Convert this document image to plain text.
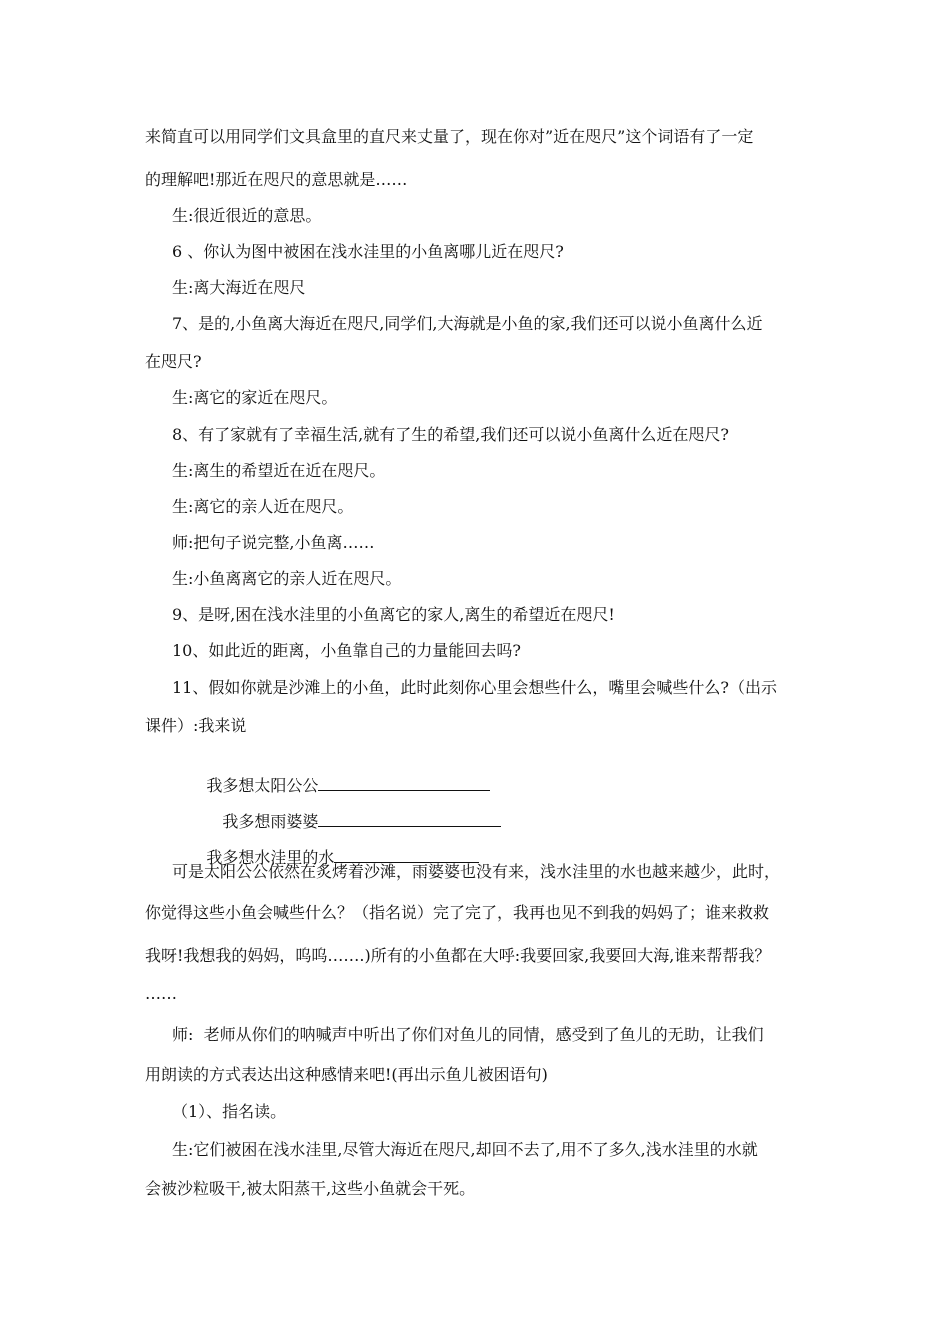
来简直可以用同学们文具盒里的直尺来丈量了，现在你对”近在咫尺”这个词语有了一定
的理解吧!那近在咫尺的意思就是……
生:很近很近的意思。
6 、你认为图中被困在浅水洼里的小鱼离哪儿近在咫尺?
生:离大海近在咫尺
7、是的,小鱼离大海近在咫尺,同学们,大海就是小鱼的家,我们还可以说小鱼离什么近
在咫尺?
生:离它的家近在咫尺。
8、有了家就有了幸福生活,就有了生的希望,我们还可以说小鱼离什么近在咫尺?
生:离生的希望近在近在咫尺。
生:离它的亲人近在咫尺。
师:把句子说完整,小鱼离……
生:小鱼离离它的亲人近在咫尺。
9、是呀,困在浅水洼里的小鱼离它的家人,离生的希望近在咫尺!
10、如此近的距离，小鱼靠自己的力量能回去吗?
11、假如你就是沙滩上的小鱼，此时此刻你心里会想些什么，嘴里会喊些什么?（出示
课件）:我来说

我多想太阳公公

我多想雨婆婆

我多想水洼里的水

可是太阳公公依然在炙烤着沙滩，雨婆婆也没有来，浅水洼里的水也越来越少，此时，
你觉得这些小鱼会喊些什么？（指名说）完了完了，我再也见不到我的妈妈了；谁来救救
我呀!我想我的妈妈，呜呜…….)所有的小鱼都在大呼:我要回家,我要回大海,谁来帮帮我？
……
师:  老师从你们的呐喊声中听出了你们对鱼儿的同情，感受到了鱼儿的无助，让我们
用朗读的方式表达出这种感情来吧!(再出示鱼儿被困语句)
（1）、指名读。
生:它们被困在浅水洼里,尽管大海近在咫尺,却回不去了,用不了多久,浅水洼里的水就
会被沙粒吸干,被太阳蒸干,这些小鱼就会干死。
